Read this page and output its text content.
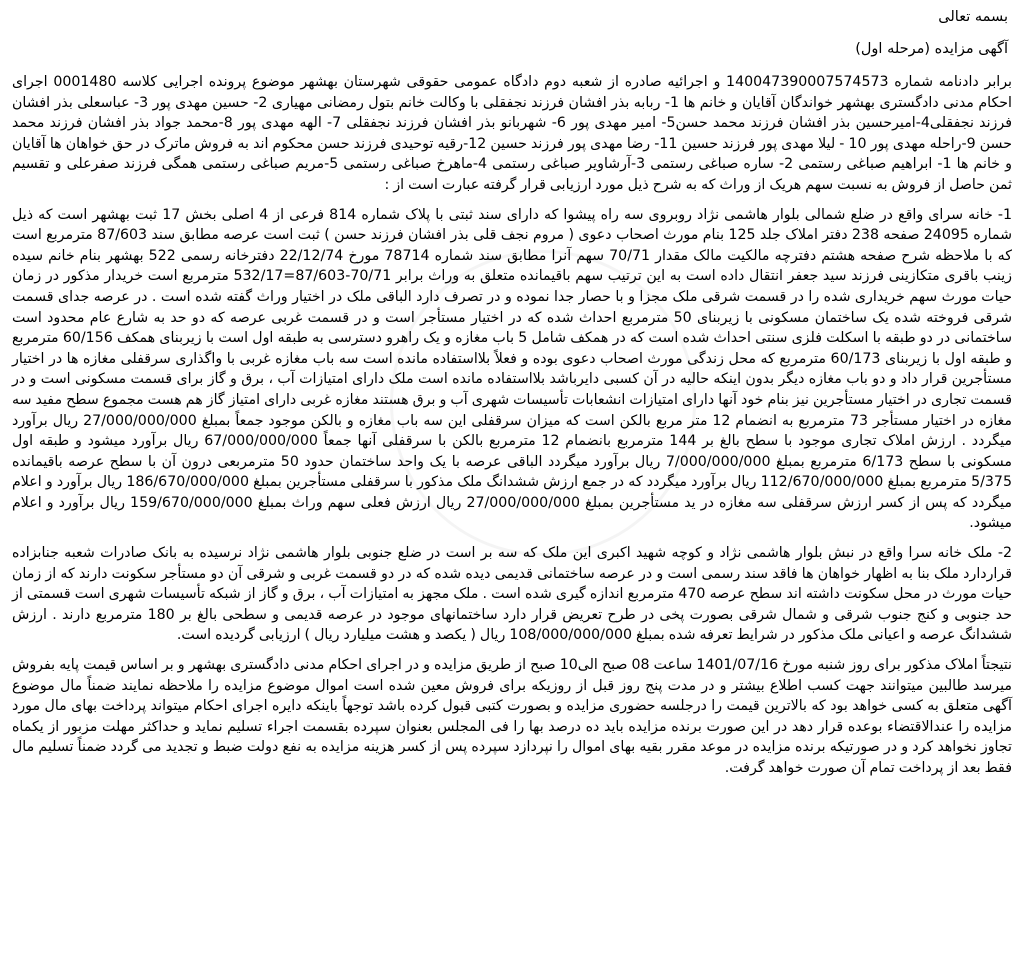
بسمه تعالی

آگهی مزایده (مرحله اول)

برابر دادنامه شماره 140047390007574573 و اجرائیه صادره از شعبه دوم دادگاه عمومی حقوقی شهرستان بهشهر موضوع پرونده اجرایی کلاسه 0001480 اجرای احکام مدنی دادگستری بهشهر خواندگان آقایان و خانم ها 1- ربابه بذر افشان فرزند نجفقلی با وکالت خانم بتول رمضانی مهیاری 2- حسین مهدی پور 3- عباسعلی بذر افشان فرزند نجفقلی4-امیرحسین بذر افشان فرزند محمد حسن5- امیر مهدی پور 6- شهربانو بذر افشان فرزند نجفقلی 7- الهه مهدی پور 8-محمد جواد بذر افشان فرزند محمد حسن 9-راحله مهدی پور 10 - لیلا مهدی پور فرزند حسین 11- رضا مهدی پور فرزند حسین 12-رقیه توحیدی فرزند حسن محکوم اند به فروش ماترک در حق خواهان ها آقایان و خانم ها 1- ابراهیم صباغی رستمی 2- ساره صباغی رستمی 3-آرشاویر صباغی رستمی 4-ماهرخ صباغی رستمی 5-مریم صباغی رستمی همگی فرزند صفرعلی و تقسیم ثمن حاصل از فروش به نسبت سهم هریک از وراث که به شرح ذیل مورد ارزیابی قرار گرفته عبارت است از :

1- خانه سرای واقع در ضلع شمالی بلوار هاشمی نژاد روبروی سه راه پیشوا که دارای سند ثبتی با پلاک شماره 814 فرعی از 4 اصلی بخش 17 ثبت بهشهر است که ذیل شماره 24095 صفحه 238 دفتر املاک جلد 125 بنام مورث اصحاب دعوی ( مروم نجف قلی بذر افشان فرزند حسن ) ثبت است عرصه مطابق سند 87/603 مترمربع است که با ملاحظه شرح صفحه هشتم دفترچه مالکیت مالک مقدار 70/71 سهم آنرا مطابق سند شماره 78714 مورخ 22/12/74 دفترخانه رسمی 522 بهشهر بنام خانم سیده زینب باقری متکازینی فرزند سید جعفر انتقال داده است به این ترتیب سهم باقیمانده متعلق به وراث برابر 70/71-87/603=532/17 مترمربع است خریدار مذکور در زمان حیات مورث سهم خریداری شده را در قسمت شرقی ملک مجزا و با حصار جدا نموده و در تصرف دارد الباقی ملک در اختیار وراث گفته شده است . در عرصه جدای قسمت شرقی فروخته شده یک ساختمان مسکونی با زیربنای 50 مترمربع احداث شده که در اختیار مستأجر است و در قسمت غربی عرصه که دو حد به شارع عام محدود است ساختمانی در دو طبقه با اسکلت فلزی سنتی احداث شده است که در همکف شامل 5 باب مغازه و یک راهرو دسترسی به طبقه اول است با زیربنای همکف 60/156 مترمربع و طبقه اول با زیربنای 60/173 مترمربع که محل زندگی مورث اصحاب دعوی بوده و فعلاً بلااستفاده مانده است سه باب مغازه غربی با واگذاری سرقفلی مغازه ها در اختیار مستأجرین قرار داد و دو باب مغازه دیگر بدون اینکه حالیه در آن کسبی دایرباشد بلااستفاده مانده است ملک دارای امتیازات آب ، برق و گاز برای قسمت مسکونی است و در قسمت تجاری در اختیار مستأجرین نیز بنام خود آنها دارای امتیازات انشعابات تأسیسات شهری آب و برق هستند مغازه غربی دارای امتیاز گاز هم هست مجموع سطح مفید سه مغازه در اختیار مستأجر 73 مترمربع به انضمام 12 متر مربع بالکن است که میزان سرقفلی این سه باب مغازه و بالکن موجود جمعاً بمبلغ 27/000/000/000 ریال برآورد میگردد . ارزش املاک تجاری موجود با سطح بالغ بر 144 مترمربع بانضمام 12 مترمربع بالکن با سرقفلی آنها جمعاً 67/000/000/000 ریال برآورد میشود و طبقه اول مسکونی با سطح 6/173 مترمربع بمبلغ 7/000/000/000 ریال برآورد میگردد الباقی عرصه با یک واحد ساختمان حدود 50 مترمربعی درون آن با سطح عرصه باقیمانده 5/375 مترمربع بمبلغ 112/670/000/000 ریال برآورد میگردد که در جمع ارزش ششدانگ ملک مذکور با سرقفلی مستأجرین بمبلغ 186/670/000/000 ریال برآورد و اعلام میگردد که پس از کسر ارزش سرقفلی سه مغازه در ید مستأجرین بمبلغ 27/000/000/000 ریال ارزش فعلی سهم وراث بمبلغ 159/670/000/000 ریال برآورد و اعلام میشود.

2- ملک خانه سرا واقع در نبش بلوار هاشمی نژاد و کوچه شهید اکبری این ملک که سه بر است در ضلع جنوبی بلوار هاشمی نژاد نرسیده به بانک صادرات شعبه جنابزاده قراردارد ملک بنا به اظهار خواهان ها فاقد سند رسمی است و در عرصه ساختمانی قدیمی دیده شده که در دو قسمت غربی و شرقی آن دو مستأجر سکونت دارند که از زمان حیات مورث در محل سکونت داشته اند سطح عرصه 470 مترمربع اندازه گیری شده است . ملک مجهز به امتیازات آب ، برق و گاز از شبکه تأسیسات شهری است قسمتی از حد جنوبی و کنج جنوب شرقی و شمال شرقی بصورت پخی در طرح تعریض قرار دارد ساختمانهای موجود در عرصه قدیمی و سطحی بالغ بر 180 مترمربع دارند . ارزش ششدانگ عرصه و اعیانی ملک مذکور در شرایط تعرفه شده بمبلغ 108/000/000/000 ریال ( یکصد و هشت میلیارد ریال ) ارزیابی گردیده است.

نتیجتاً املاک مذکور برای روز شنبه مورخ 1401/07/16 ساعت 08 صبح الی10 صبح از طریق مزایده و در اجرای احکام مدنی دادگستری بهشهر و بر اساس قیمت پایه بفروش میرسد طالبین میتوانند جهت کسب اطلاع بیشتر و در مدت پنج روز قبل از روزیکه برای فروش معین شده است اموال موضوع مزایده را ملاحظه نمایند ضمناً مال موضوع آگهی متعلق به کسی خواهد بود که بالاترین قیمت را درجلسه حضوری مزایده و بصورت کتبی قبول کرده باشد توجهاً باینکه دایره اجرای احکام میتواند پرداخت بهای مال مورد مزایده را عندالاقتضاء بوعده قرار دهد در این صورت برنده مزایده باید ده درصد بها را فی المجلس بعنوان سپرده بقسمت اجراء تسلیم نماید و حداکثر مهلت مزبور از یکماه تجاوز نخواهد کرد و در صورتیکه برنده مزایده در موعد مقرر بقیه بهای اموال را نپردازد سپرده پس از کسر هزینه مزایده به نفع دولت ضبط و تجدید می گردد ضمناً تسلیم مال فقط بعد از پرداخت تمام آن صورت خواهد گرفت.
